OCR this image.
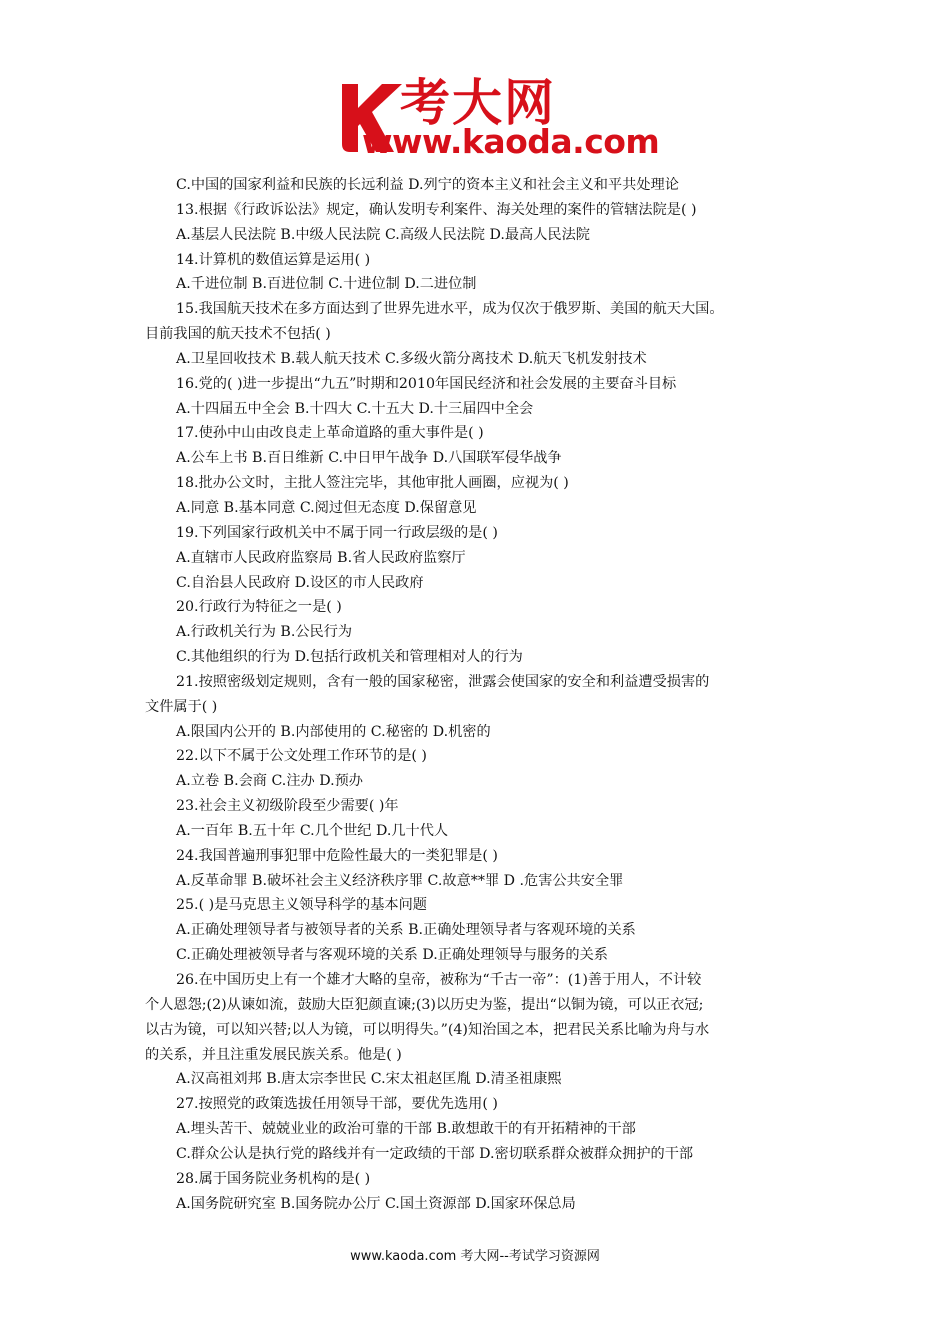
考大网
www.kaoda.com
C.中国的国家利益和民族的长远利益 D.列宁的资本主义和社会主义和平共处理论
13.根据《行政诉讼法》规定，确认发明专利案件、海关处理的案件的管辖法院是( )
A.基层人民法院 B.中级人民法院 C.高级人民法院 D.最高人民法院
14.计算机的数值运算是运用( )
A.千进位制 B.百进位制 C.十进位制 D.二进位制
15.我国航天技术在多方面达到了世界先进水平，成为仅次于俄罗斯、美国的航天大国。
目前我国的航天技术不包括( )
A.卫星回收技术 B.载人航天技术 C.多级火箭分离技术 D.航天飞机发射技术
16.党的( )进一步提出“九五”时期和2010年国民经济和社会发展的主要奋斗目标
A.十四届五中全会 B.十四大 C.十五大 D.十三届四中全会
17.使孙中山由改良走上革命道路的重大事件是( )
A.公车上书 B.百日维新 C.中日甲午战争 D.八国联军侵华战争
18.批办公文时，主批人签注完毕，其他审批人画圈，应视为( )
A.同意 B.基本同意 C.阅过但无态度 D.保留意见
19.下列国家行政机关中不属于同一行政层级的是( )
A.直辖市人民政府监察局 B.省人民政府监察厅
C.自治县人民政府 D.设区的市人民政府
20.行政行为特征之一是( )
A.行政机关行为 B.公民行为
C.其他组织的行为 D.包括行政机关和管理相对人的行为
21.按照密级划定规则，含有一般的国家秘密，泄露会使国家的安全和利益遭受损害的
文件属于( )
A.限国内公开的 B.内部使用的 C.秘密的 D.机密的
22.以下不属于公文处理工作环节的是( )
A.立卷 B.会商 C.注办 D.预办
23.社会主义初级阶段至少需要( )年
A.一百年 B.五十年 C.几个世纪 D.几十代人
24.我国普遍刑事犯罪中危险性最大的一类犯罪是( )
A.反革命罪 B.破坏社会主义经济秩序罪 C.故意**罪 D .危害公共安全罪
25.( )是马克思主义领导科学的基本问题
A.正确处理领导者与被领导者的关系 B.正确处理领导者与客观环境的关系
C.正确处理被领导者与客观环境的关系 D.正确处理领导与服务的关系
26.在中国历史上有一个雄才大略的皇帝，被称为“千古一帝”：(1)善于用人，不计较
个人恩怨;(2)从谏如流，鼓励大臣犯颜直谏;(3)以历史为鉴，提出“以铜为镜，可以正衣冠;
以古为镜，可以知兴替;以人为镜，可以明得失。”(4)知治国之本，把君民关系比喻为舟与水
的关系，并且注重发展民族关系。他是( )
A.汉高祖刘邦 B.唐太宗李世民 C.宋太祖赵匡胤 D.清圣祖康熙
27.按照党的政策选拔任用领导干部，要优先选用( )
A.埋头苦干、兢兢业业的政治可靠的干部 B.敢想敢干的有开拓精神的干部
C.群众公认是执行党的路线并有一定政绩的干部 D.密切联系群众被群众拥护的干部
28.属于国务院业务机构的是( )
A.国务院研究室 B.国务院办公厅 C.国土资源部 D.国家环保总局
www.kaoda.com 考大网--考试学习资源网
